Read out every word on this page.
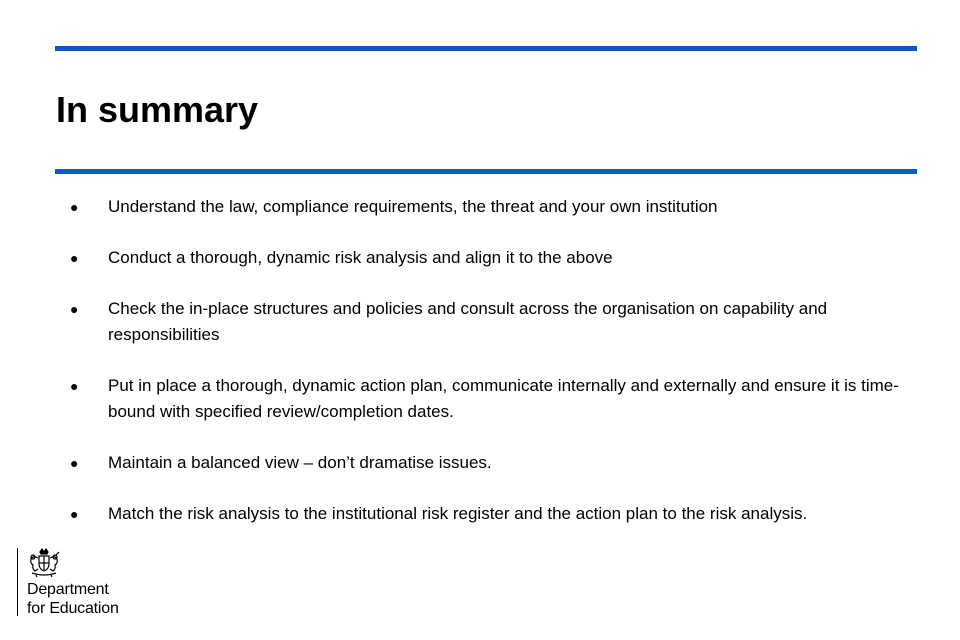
In summary
● Understand the law, compliance requirements, the threat and your own institution
● Conduct a thorough, dynamic risk analysis and align it to the above
● Check the in-place structures and policies and consult across the organisation on capability and responsibilities
● Put in place a thorough, dynamic action plan, communicate internally and externally and ensure it is time-bound with specified review/completion dates.
● Maintain a balanced view – don’t dramatise issues.
● Match the risk analysis to the institutional risk register and the action plan to the risk analysis.
Department
for Education
